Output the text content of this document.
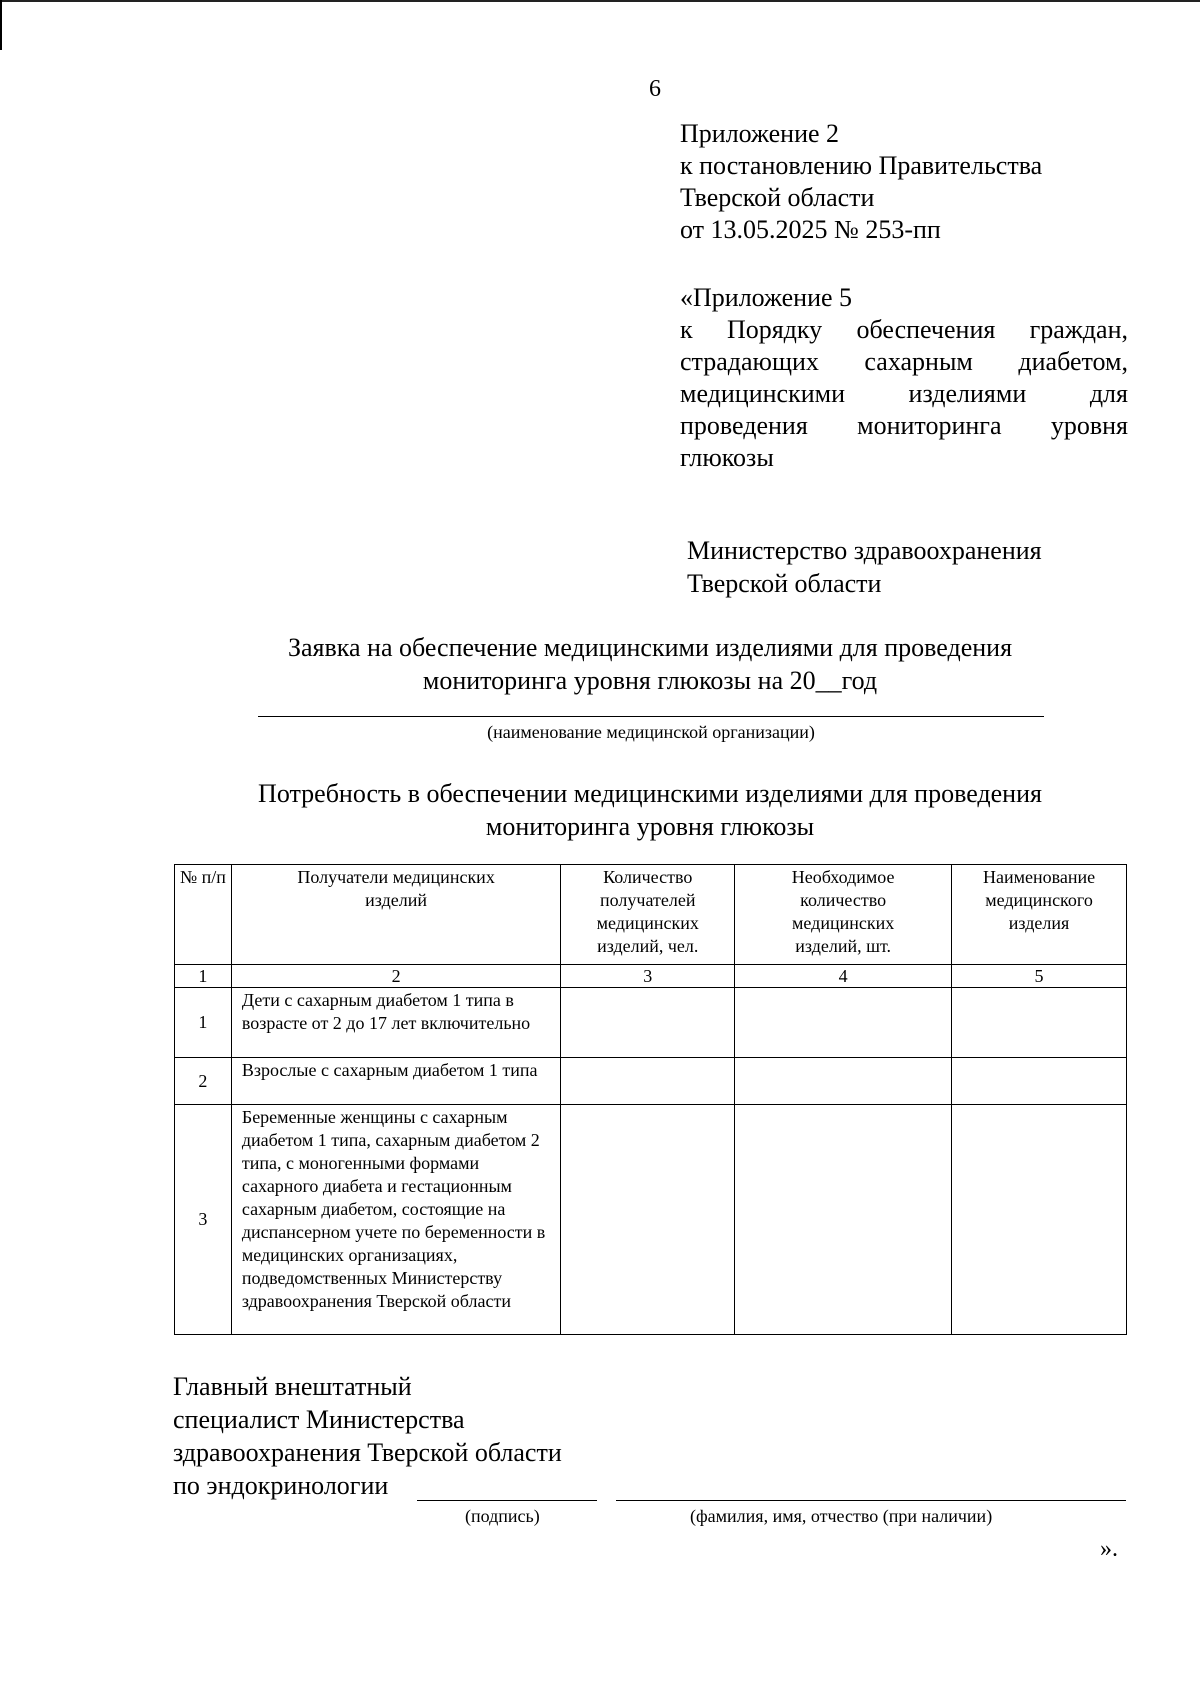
6
Приложение 2
к постановлению Правительства
Тверской области
от 13.05.2025 № 253-пп
«Приложение 5
к Порядку обеспечения граждан,
страдающих сахарным диабетом,
медицинскими изделиями для
проведения мониторинга уровня
глюкозы
Министерство здравоохранения
Тверской области
Заявка на обеспечение медицинскими изделиями для проведения
мониторинга уровня глюкозы на 20__год
(наименование медицинской организации)
Потребность в обеспечении медицинскими изделиями для проведения
мониторинга уровня глюкозы
№ п/п	Получатели медицинских изделий	Количество получателей медицинских изделий, чел.	Необходимое количество медицинских изделий, шт.	Наименование медицинского изделия
1	2	3	4	5
1	Дети с сахарным диабетом 1 типа в возрасте от 2 до 17 лет включительно			
2	Взрослые с сахарным диабетом 1 типа			
3	Беременные женщины с сахарным диабетом 1 типа, сахарным диабетом 2 типа, с моногенными формами сахарного диабета и гестационным сахарным диабетом, состоящие на диспансерном учете по беременности в медицинских организациях, подведомственных Министерству здравоохранения Тверской области			
Главный внештатный
специалист Министерства
здравоохранения Тверской области
по эндокринологии
(подпись)	(фамилия, имя, отчество (при наличии)
».
